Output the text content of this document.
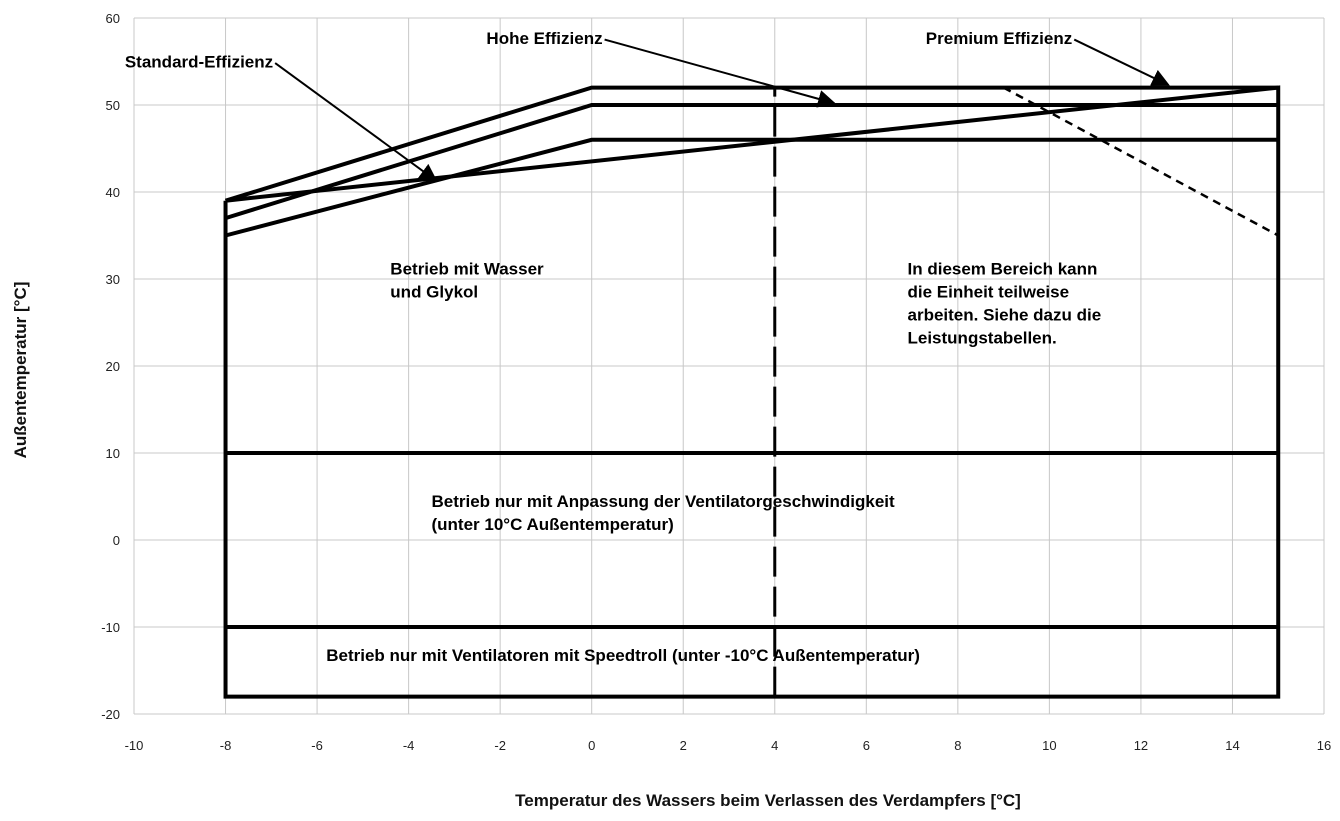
-10	-8	-6	-4	-2	0	2	4	6	8	10	12	14	16
-20
-10
0
10
20
30
40
50
60
Standard-Effizienz
Hohe Effizienz	Premium Effizienz
Betrieb mit Wasser und Glykol
In diesem Bereich kann die Einheit teilweise arbeiten. Siehe dazu die Leistungstabellen.
Betrieb nur mit Anpassung der Ventilatorgeschwindigkeit (unter 10°C Außentemperatur)
Betrieb nur mit Ventilatoren mit Speedtroll (unter -10°C Außentemperatur)
Temperatur des Wassers beim Verlassen des Verdampfers [°C]
Außentemperatur [°C]
